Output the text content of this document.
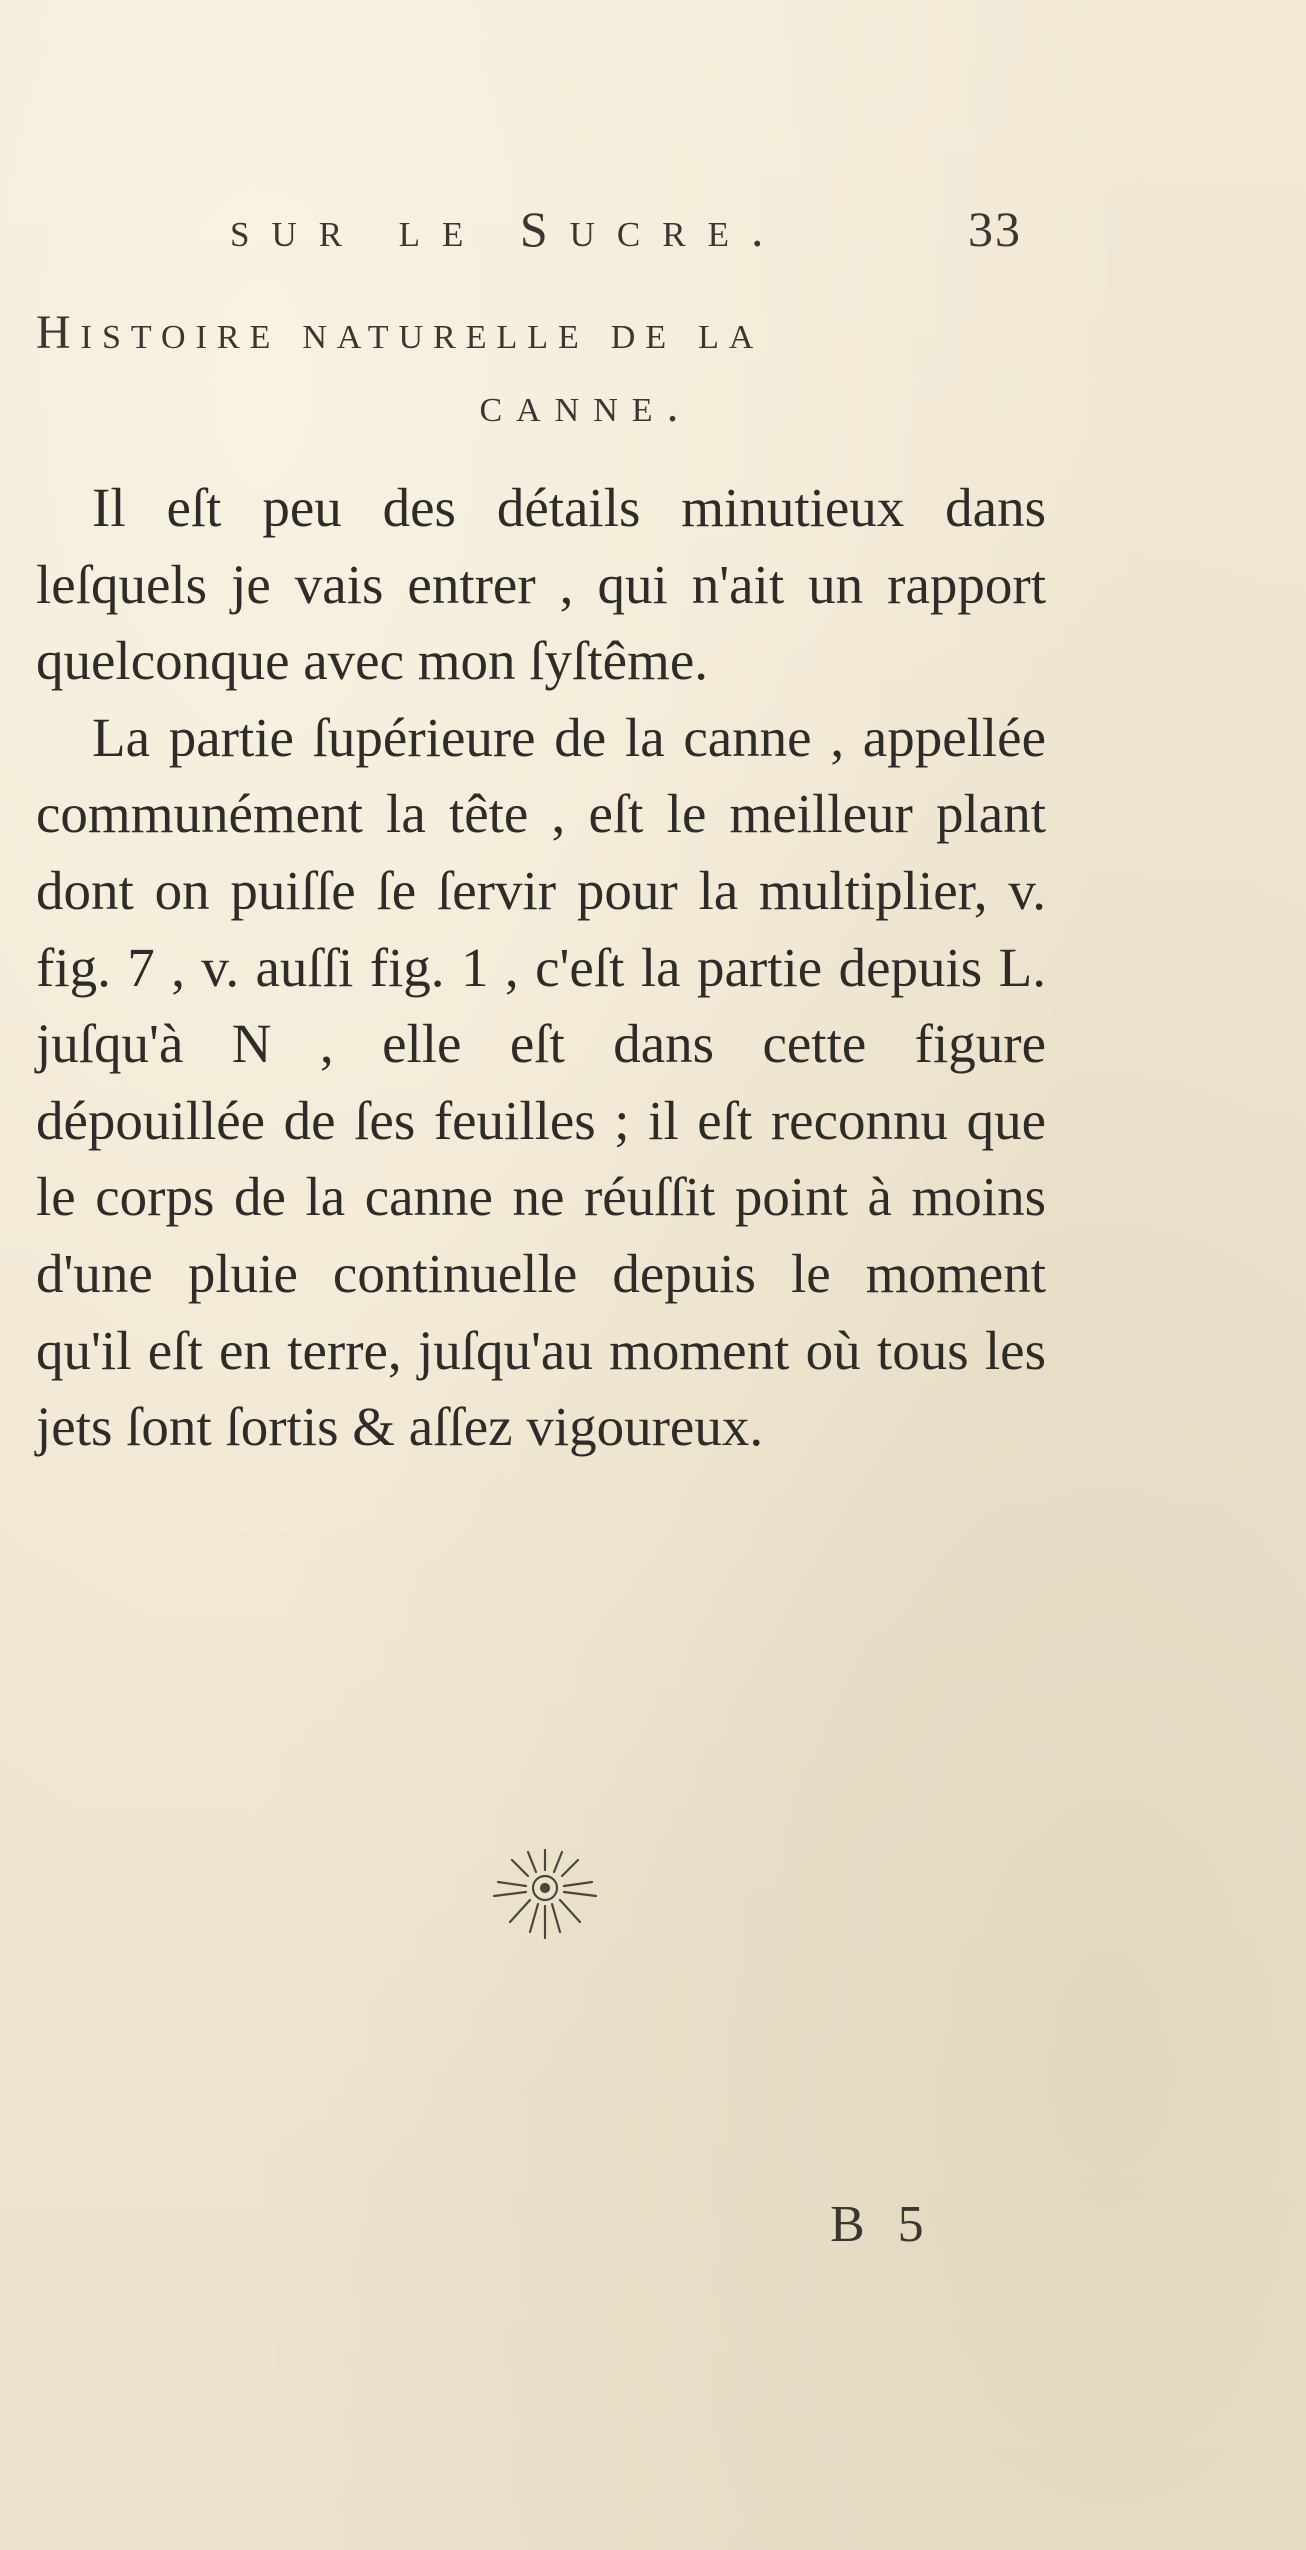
sur le Sucre.	33
Histoire naturelle de la
canne.

Il eſt peu des détails minutieux dans leſquels je vais entrer , qui n'ait un rapport quelconque avec mon ſyſtême.

La partie ſupérieure de la canne , appellée communément la tête , eſt le meilleur plant dont on puiſſe ſe ſervir pour la multiplier, v. fig. 7 , v. auſſi fig. 1 , c'eſt la partie depuis L. juſqu'à N , elle eſt dans cette figure dépouillée de ſes feuilles ; il eſt reconnu que le corps de la canne ne réuſſit point à moins d'une pluie continuelle depuis le moment qu'il eſt en terre, juſqu'au moment où tous les jets ſont ſortis & aſſez vigoureux.

B 5
